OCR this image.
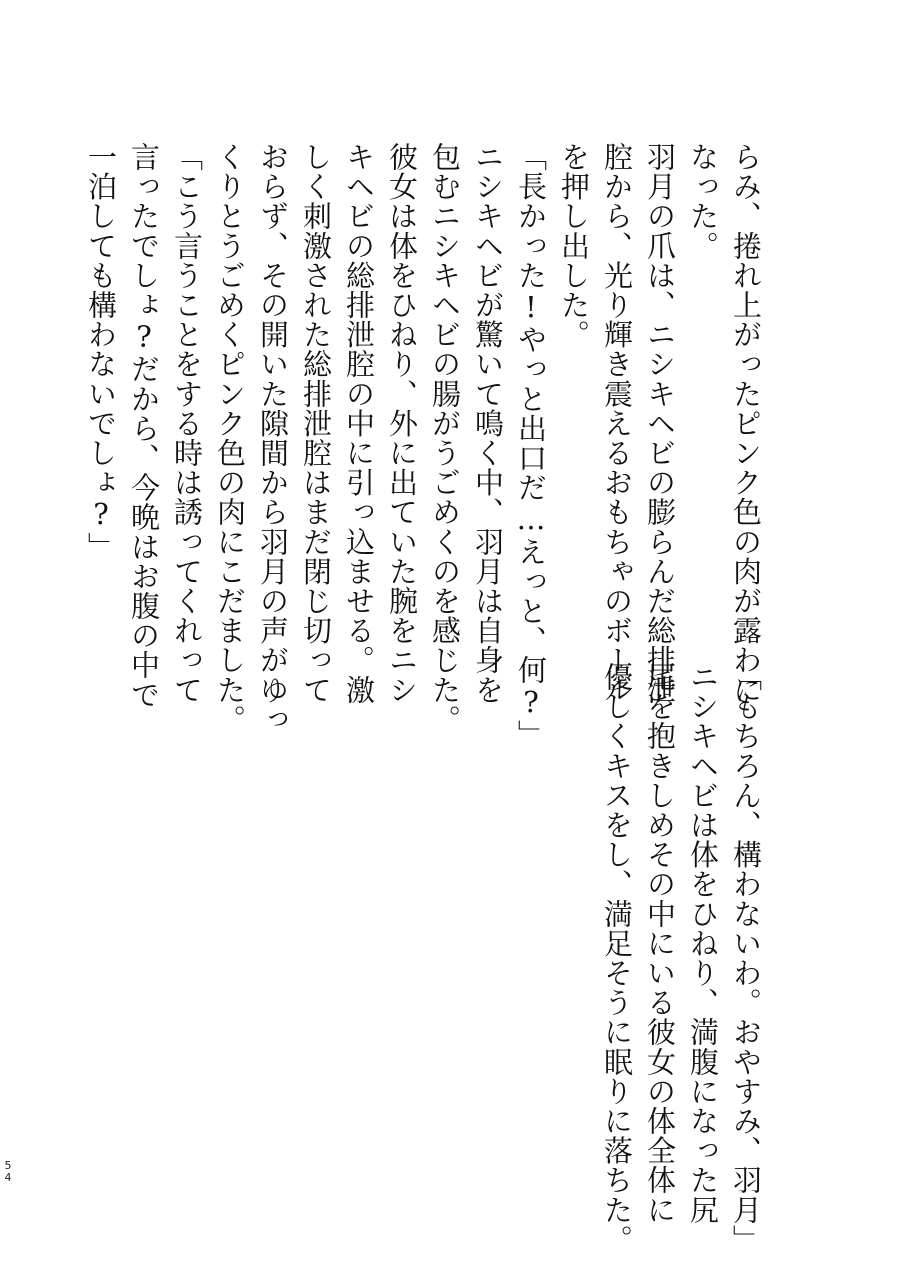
らみ、捲れ上がったピンク色の肉が露わに
なった。
羽月の爪は、ニシキヘビの膨らんだ総排泄
腔から、光り輝き震えるおもちゃのボール
を押し出した。
「長かった!やっと出口だ…えっと、何?」
ニシキヘビが驚いて鳴く中、羽月は自身を
包むニシキヘビの腸がうごめくのを感じた。
彼女は体をひねり、外に出ていた腕をニシ
キヘビの総排泄腔の中に引っ込ませる。激
しく刺激された総排泄腔はまだ閉じ切って
おらず、その開いた隙間から羽月の声がゆっ
くりとうごめくピンク色の肉にこだました。
「こう言うことをする時は誘ってくれって
言ったでしょ?だから、今晩はお腹の中で
一泊しても構わないでしょ?」
「もちろん、構わないわ。おやすみ、羽月」
ニシキヘビは体をひねり、満腹になった尻
尾を抱きしめその中にいる彼女の体全体に
優しくキスをし、満足そうに眠りに落ちた。
5
4
